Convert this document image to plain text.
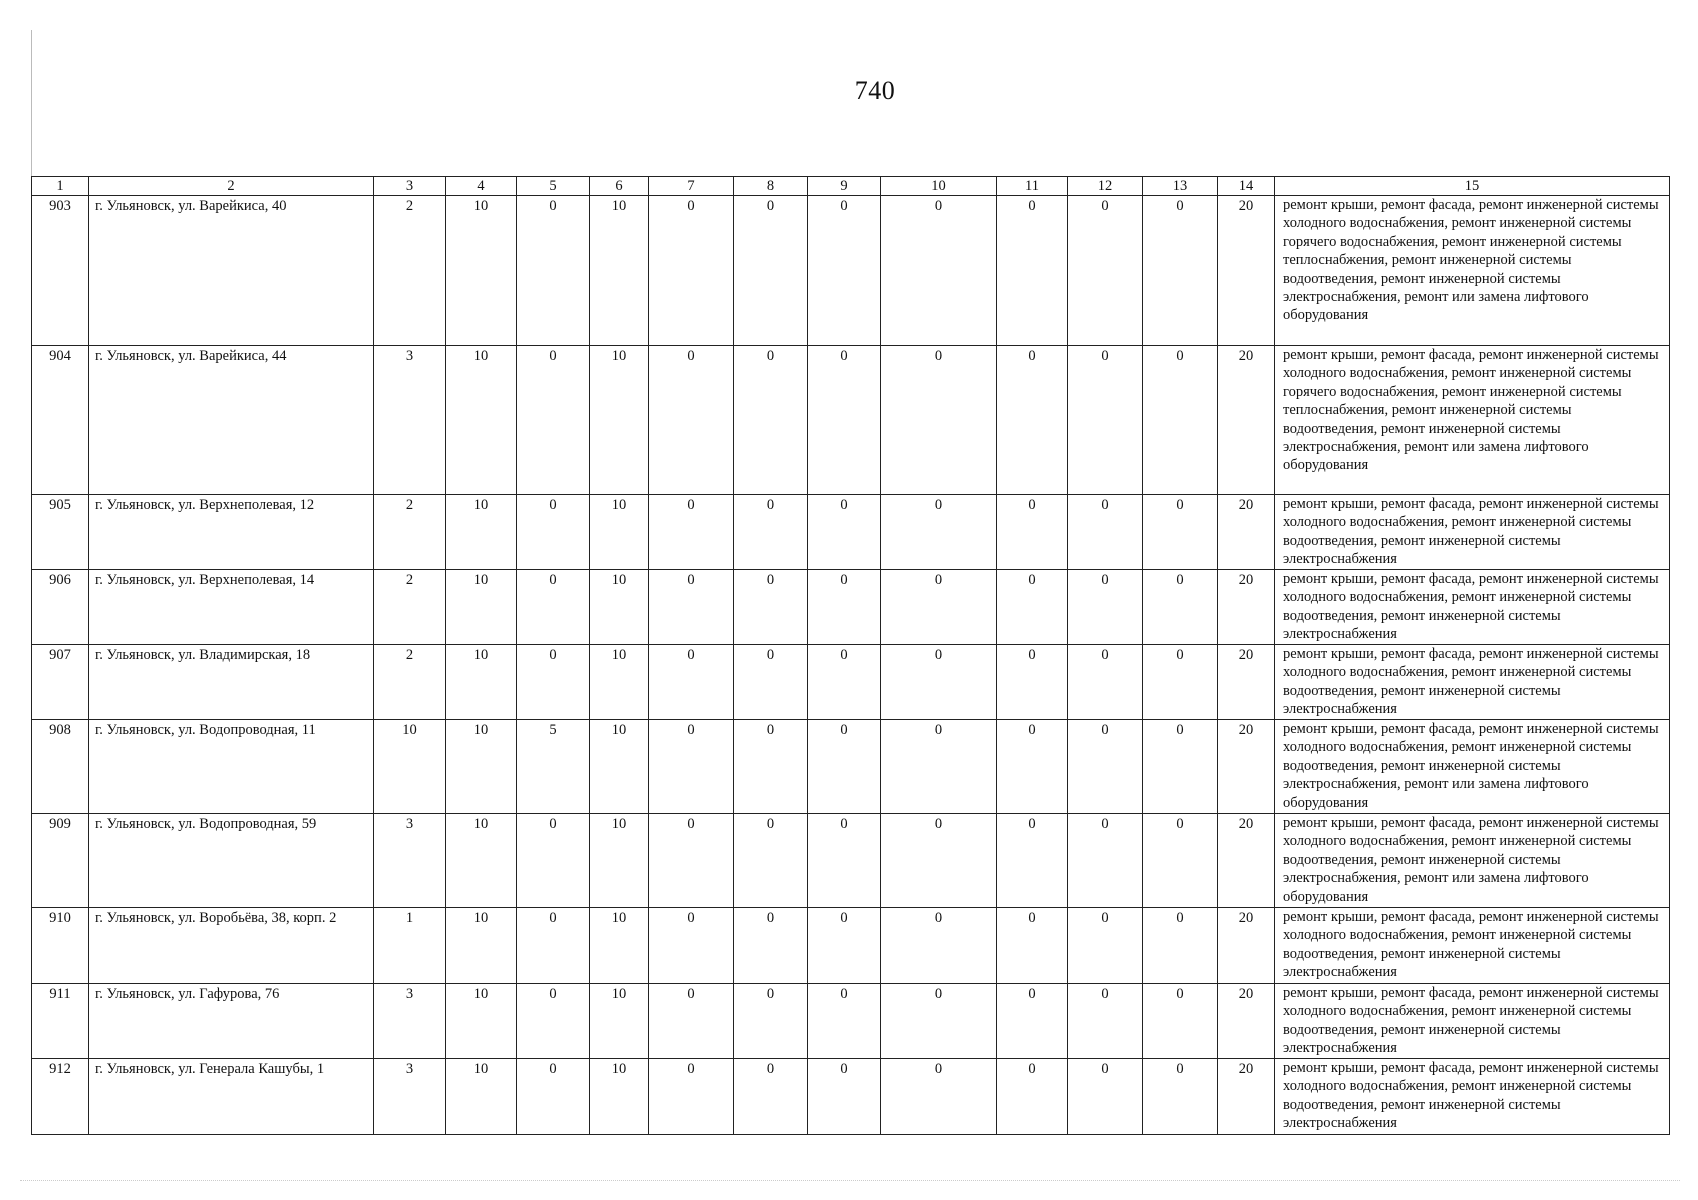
740
1	2	3	4	5	6	7	8	9	10	11	12	13	14	15
903	г. Ульяновск, ул. Варейкиса, 40	2	10	0	10	0	0	0	0	0	0	0	20	ремонт крыши, ремонт фасада, ремонт инженерной системы холодного водоснабжения, ремонт инженерной системы горячего водоснабжения, ремонт инженерной системы теплоснабжения, ремонт инженерной системы водоотведения, ремонт инженерной системы электроснабжения, ремонт или замена лифтового оборудования
904	г. Ульяновск, ул. Варейкиса, 44	3	10	0	10	0	0	0	0	0	0	0	20	ремонт крыши, ремонт фасада, ремонт инженерной системы холодного водоснабжения, ремонт инженерной системы горячего водоснабжения, ремонт инженерной системы теплоснабжения, ремонт инженерной системы водоотведения, ремонт инженерной системы электроснабжения, ремонт или замена лифтового оборудования
905	г. Ульяновск, ул. Верхнеполевая, 12	2	10	0	10	0	0	0	0	0	0	0	20	ремонт крыши, ремонт фасада, ремонт инженерной системы холодного водоснабжения, ремонт инженерной системы водоотведения, ремонт инженерной системы электроснабжения
906	г. Ульяновск, ул. Верхнеполевая, 14	2	10	0	10	0	0	0	0	0	0	0	20	ремонт крыши, ремонт фасада, ремонт инженерной системы холодного водоснабжения, ремонт инженерной системы водоотведения, ремонт инженерной системы электроснабжения
907	г. Ульяновск, ул. Владимирская, 18	2	10	0	10	0	0	0	0	0	0	0	20	ремонт крыши, ремонт фасада, ремонт инженерной системы холодного водоснабжения, ремонт инженерной системы водоотведения, ремонт инженерной системы электроснабжения
908	г. Ульяновск, ул. Водопроводная, 11	10	10	5	10	0	0	0	0	0	0	0	20	ремонт крыши, ремонт фасада, ремонт инженерной системы холодного водоснабжения, ремонт инженерной системы водоотведения, ремонт инженерной системы электроснабжения, ремонт или замена лифтового оборудования
909	г. Ульяновск, ул. Водопроводная, 59	3	10	0	10	0	0	0	0	0	0	0	20	ремонт крыши, ремонт фасада, ремонт инженерной системы холодного водоснабжения, ремонт инженерной системы водоотведения, ремонт инженерной системы электроснабжения, ремонт или замена лифтового оборудования
910	г. Ульяновск, ул. Воробьёва, 38, корп. 2	1	10	0	10	0	0	0	0	0	0	0	20	ремонт крыши, ремонт фасада, ремонт инженерной системы холодного водоснабжения, ремонт инженерной системы водоотведения, ремонт инженерной системы электроснабжения
911	г. Ульяновск, ул. Гафурова, 76	3	10	0	10	0	0	0	0	0	0	0	20	ремонт крыши, ремонт фасада, ремонт инженерной системы холодного водоснабжения, ремонт инженерной системы водоотведения, ремонт инженерной системы электроснабжения
912	г. Ульяновск, ул. Генерала Кашубы, 1	3	10	0	10	0	0	0	0	0	0	0	20	ремонт крыши, ремонт фасада, ремонт инженерной системы холодного водоснабжения, ремонт инженерной системы водоотведения, ремонт инженерной системы электроснабжения
